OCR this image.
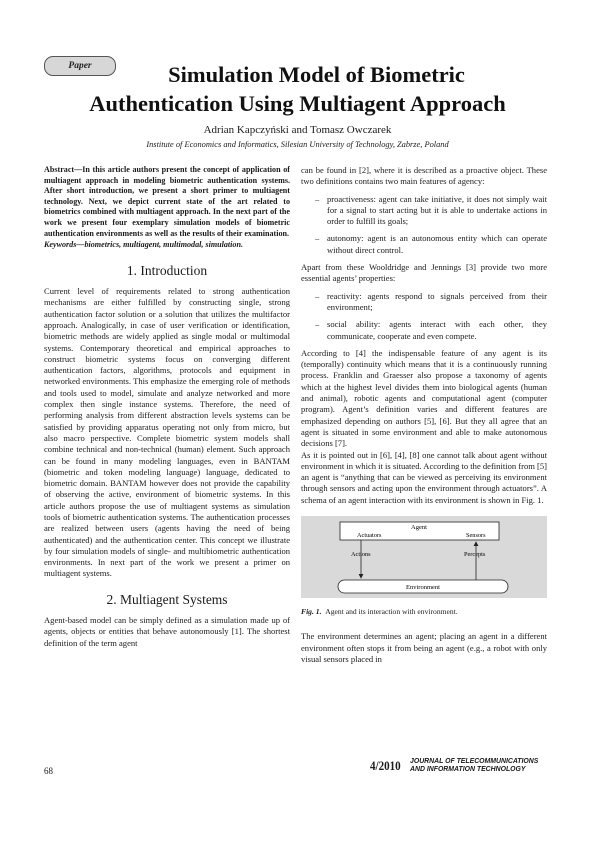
Paper	Simulation Model of Biometric
Authentication Using Multiagent Approach
Adrian Kapczyński and Tomasz Owczarek
Institute of Economics and Informatics, Silesian University of Technology, Zabrze, Poland

Abstract—In this article authors present the concept of application of multiagent approach in modeling biometric authentication systems. After short introduction, we present a short primer to multiagent technology. Next, we depict current state of the art related to biometrics combined with multiagent approach. In the next part of the work we present four exemplary simulation models of biometric authentication environments as well as the results of their examination.

Keywords—biometrics, multiagent, multimodal, simulation.

1. Introduction

Current level of requirements related to strong authentication mechanisms are either fulfilled by constructing single, strong authentication factor solution or a solution that utilizes the multifactor approach. Analogically, in case of user verification or identification, biometric methods are widely applied as single modal or multimodal systems. Contemporary theoretical and empirical approaches to construct biometric systems focus on converging different authentication factors, algorithms, protocols and equipment in networked environments. This emphasize the emerging role of methods and tools used to model, simulate and analyze networked and more complex then single instance systems. Therefore, the need of performing analysis from different abstraction levels systems can be satisfied by providing apparatus operating not only from micro, but also macro perspective. Complete biometric system models shall combine technical and non-technical (human) element. Such approach can be found in many modeling languages, even in BANTAM (biometric and token modeling language) language, dedicated to biometric domain. BANTAM however does not provide the capability of observing the active, environment of biometric systems. In this article authors propose the use of multiagent systems as simulation tools of biometric authentication systems. The authentication processes are realized between users (agents having the need of being authenticated) and the authentication center. This concept we illustrate by four simulation models of single- and multibiometric authentication environments. In next part of the work we present a primer on multiagent systems.

2. Multiagent Systems

Agent-based model can be simply defined as a simulation made up of agents, objects or entities that behave autonomously [1]. The shortest definition of the term agent

can be found in [2], where it is described as a proactive object. These two definitions contains two main features of agency:

– proactiveness: agent can take initiative, it does not simply wait for a signal to start acting but it is able to undertake actions in order to fulfill its goals;
– autonomy: agent is an autonomous entity which can operate without direct control.

Apart from these Wooldridge and Jennings [3] provide two more essential agents’ properties:

– reactivity: agents respond to signals perceived from their environment;
– social ability: agents interact with each other, they communicate, cooperate and even compete.

According to [4] the indispensable feature of any agent is its (temporally) continuity which means that it is a continuously running process. Franklin and Graesser also propose a taxonomy of agents which at the highest level divides them into biological agents (human and animal), robotic agents and computational agent (computer program). Agent’s definition varies and different features are emphasized depending on authors [5], [6]. But they all agree that an agent is situated in some environment and able to make autonomous decisions [7].

As it is pointed out in [6], [4], [8] one cannot talk about agent without environment in which it is situated. According to the definition from [5] an agent is “anything that can be viewed as perceiving its environment through sensors and acting upon the environment through actuators”. A schema of an agent interaction with its environment is shown in Fig. 1.

Agent
Actuators	Sensors
Actions	Percepts
Environment

Fig. 1. Agent and its interaction with environment.

The environment determines an agent; placing an agent in a different environment often stops it from being an agent (e.g., a robot with only visual sensors placed in

68	4/2010 JOURNAL OF TELECOMMUNICATIONS
AND INFORMATION TECHNOLOGY
